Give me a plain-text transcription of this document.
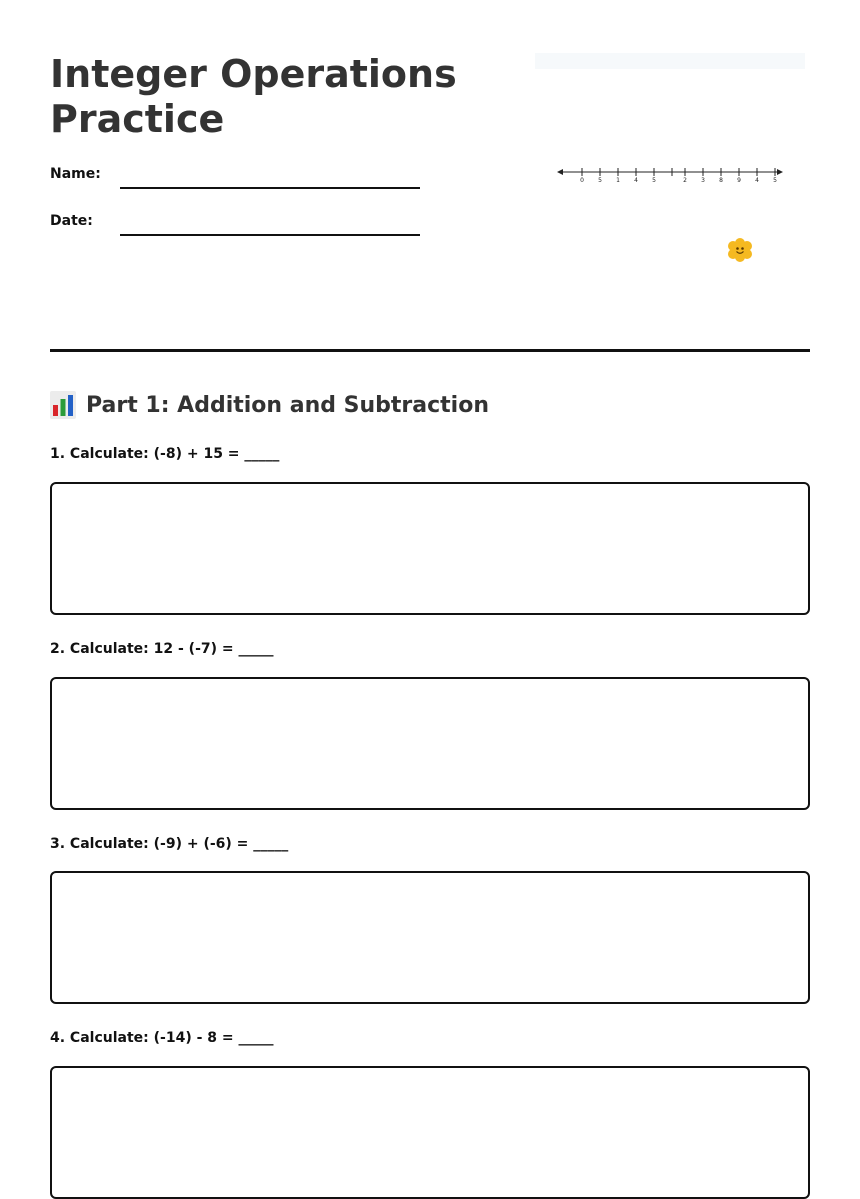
Integer Operations Practice
Name:
Date:
0 5 1 4 5	2 3 8 9 4 5
Part 1: Addition and Subtraction
1. Calculate: (-8) + 15 = _____
2. Calculate: 12 - (-7) = _____
3. Calculate: (-9) + (-6) = _____
4. Calculate: (-14) - 8 = _____
